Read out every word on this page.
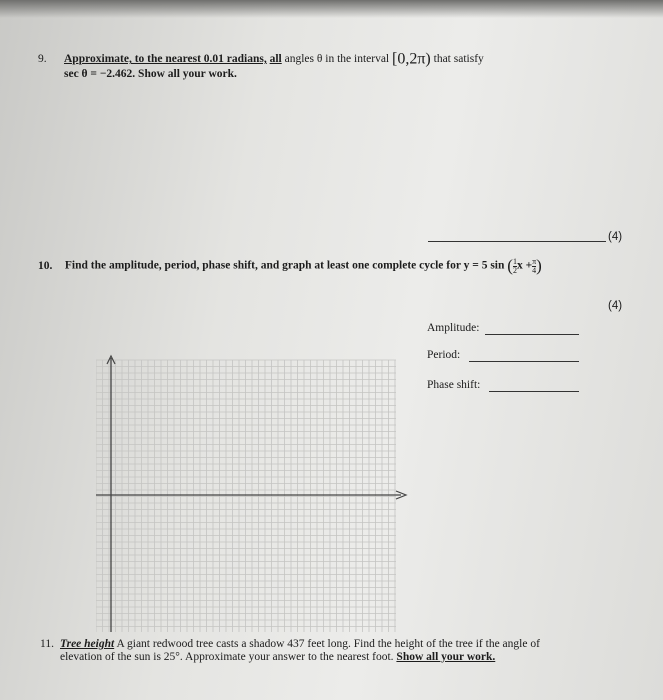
9. Approximate, to the nearest 0.01 radians, all angles θ in the interval [0,2π) that satisfy
sec θ = −2.462. Show all your work.
(4)
10. Find the amplitude, period, phase shift, and graph at least one complete cycle for y = 5 sin ( $\frac{1}{2}$ $x + \frac{\pi}{4}$ )
(4)
Amplitude:
Period:
Phase shift:
11. Tree height A giant redwood tree casts a shadow 437 feet long. Find the height of the tree if the angle of
elevation of the sun is 25°. Approximate your answer to the nearest foot. Show all your work.
